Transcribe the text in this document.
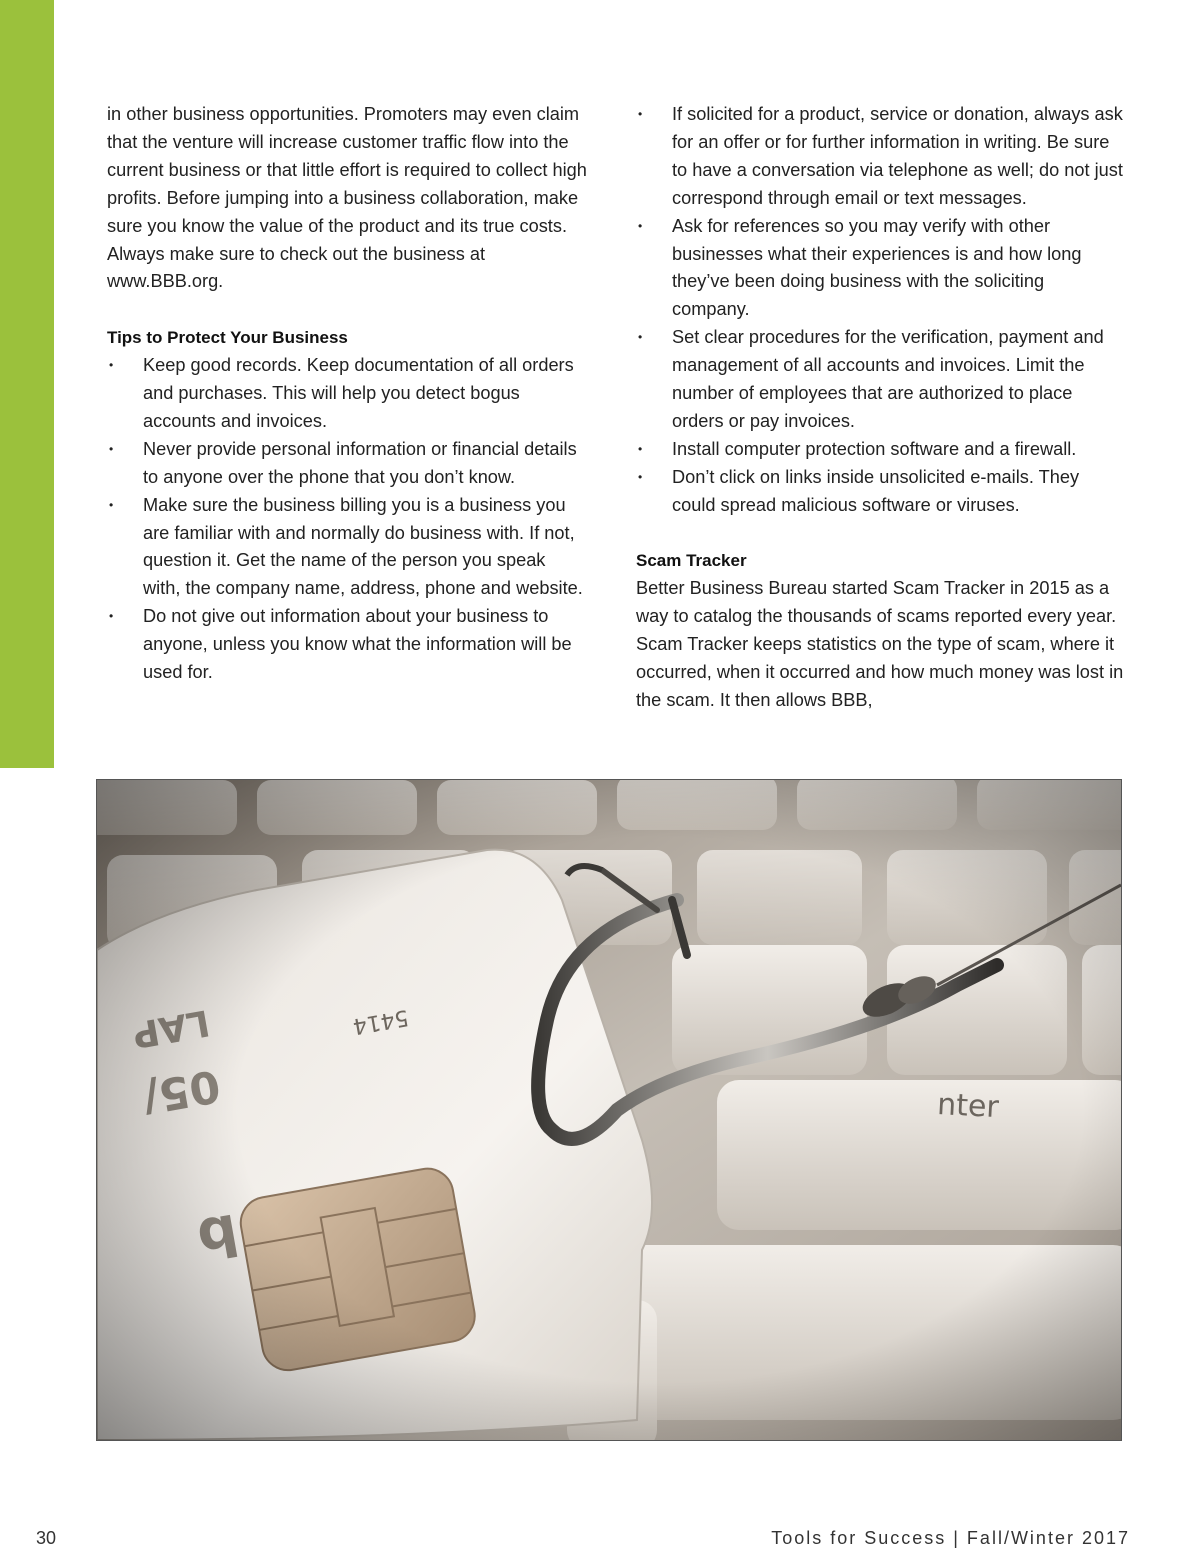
in other business opportunities. Promoters may even claim that the venture will increase customer traffic flow into the current business or that little effort is required to collect high profits. Before jumping into a business collaboration, make sure you know the value of the product and its true costs. Always make sure to check out the business at www.BBB.org.

Tips to Protect Your Business
• Keep good records. Keep documentation of all orders and purchases. This will help you detect bogus accounts and invoices.
• Never provide personal information or financial details to anyone over the phone that you don’t know.
• Make sure the business billing you is a business you are familiar with and normally do business with. If not, question it. Get the name of the person you speak with, the company name, address, phone and website.
• Do not give out information about your business to anyone, unless you know what the information will be used for.
• If solicited for a product, service or donation, always ask for an offer or for further information in writing. Be sure to have a conversation via telephone as well; do not just correspond through email or text messages.
• Ask for references so you may verify with other businesses what their experiences is and how long they’ve been doing business with the soliciting company.
• Set clear procedures for the verification, payment and management of all accounts and invoices. Limit the number of employees that are authorized to place orders or pay invoices.
• Install computer protection software and a firewall.
• Don’t click on links inside unsolicited e-mails. They could spread malicious software or viruses.
Scam Tracker

Better Business Bureau started Scam Tracker in 2015 as a way to catalog the thousands of scams reported every year. Scam Tracker keeps statistics on the type of scam, where it occurred, when it occurred and how much money was lost in the scam. It then allows BBB,

30	Tools for Success | Fall/Winter 2017
